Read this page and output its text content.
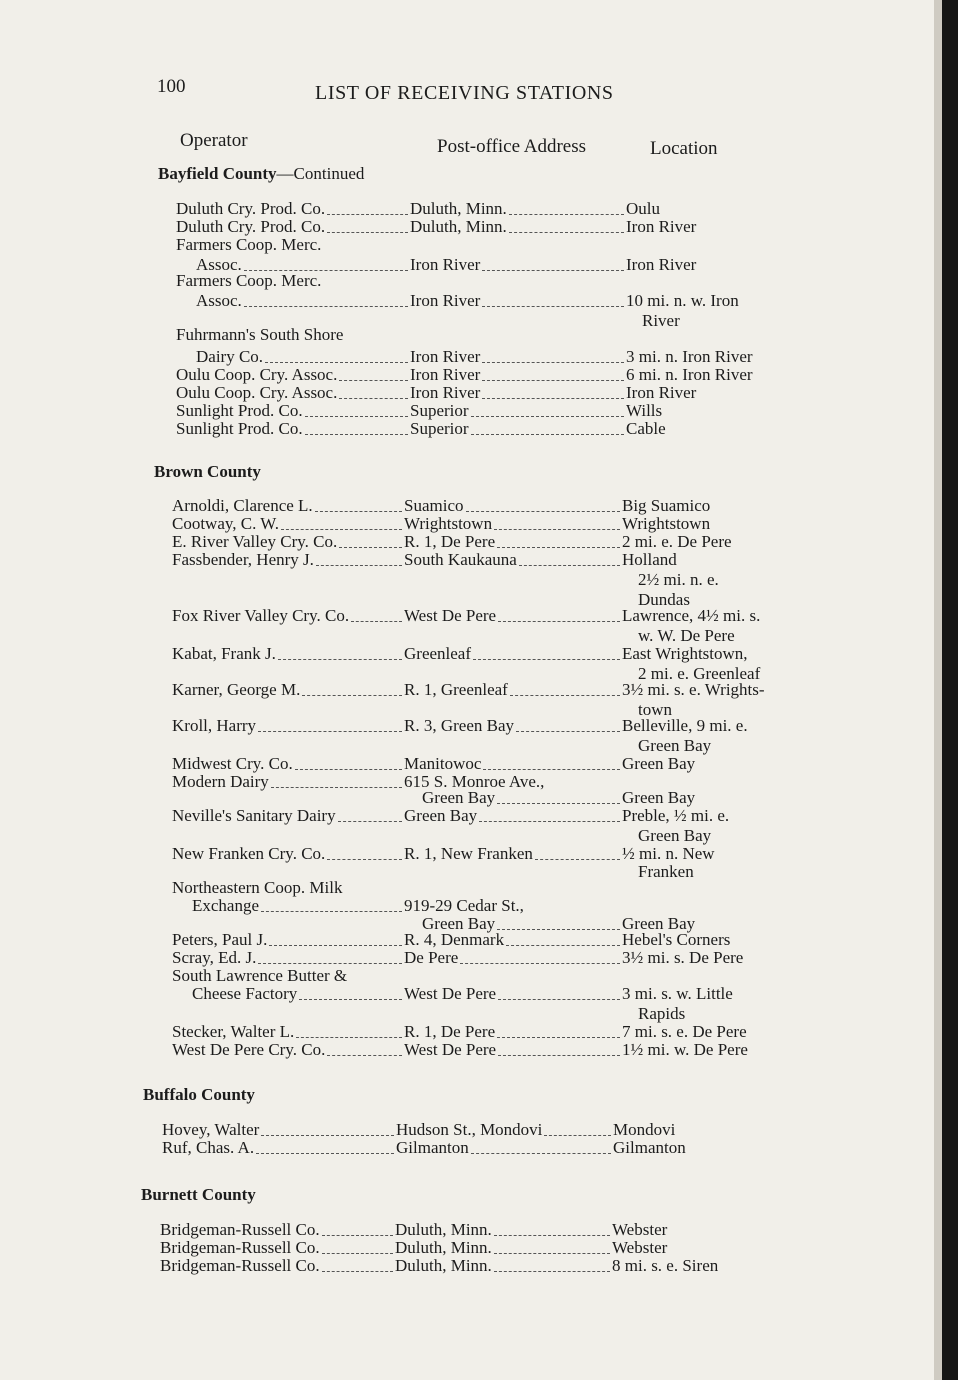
100	LIST OF RECEIVING STATIONS
Operator	Post-office Address	Location
Bayfield County—Continued
Duluth Cry. Prod. Co.	Duluth, Minn.	Oulu
Duluth Cry. Prod. Co.	Duluth, Minn.	Iron River
Farmers Coop. Merc.
Assoc.	Iron River	Iron River
Farmers Coop. Merc.
Assoc.	Iron River	10 mi. n. w. Iron
River
Fuhrmann's South Shore
Dairy Co.	Iron River	3 mi. n. Iron River
Oulu Coop. Cry. Assoc.	Iron River	6 mi. n. Iron River
Oulu Coop. Cry. Assoc.	Iron River	Iron River
Sunlight Prod. Co.	Superior	Wills
Sunlight Prod. Co.	Superior	Cable
Brown County
Arnoldi, Clarence L.	Suamico	Big Suamico
Cootway, C. W.	Wrightstown	Wrightstown
E. River Valley Cry. Co.	R. 1, De Pere	2 mi. e. De Pere
Fassbender, Henry J.	South Kaukauna	Holland
2½ mi. n. e.
Dundas
Fox River Valley Cry. Co.	West De Pere	Lawrence, 4½ mi. s.
w. W. De Pere
Kabat, Frank J.	Greenleaf	East Wrightstown,
2 mi. e. Greenleaf
Karner, George M.	R. 1, Greenleaf	3½ mi. s. e. Wrights-
town
Kroll, Harry	R. 3, Green Bay	Belleville, 9 mi. e.
Green Bay
Midwest Cry. Co.	Manitowoc	Green Bay
Modern Dairy	615 S. Monroe Ave.,
Green Bay	Green Bay
Neville's Sanitary Dairy	Green Bay	Preble, ½ mi. e.
Green Bay
New Franken Cry. Co.	R. 1, New Franken	½ mi. n. New
Franken
Northeastern Coop. Milk
Exchange	919-29 Cedar St.,
Green Bay	Green Bay
Peters, Paul J.	R. 4, Denmark	Hebel's Corners
Scray, Ed. J.	De Pere	3½ mi. s. De Pere
South Lawrence Butter &
Cheese Factory	West De Pere	3 mi. s. w. Little
Rapids
Stecker, Walter L.	R. 1, De Pere	7 mi. s. e. De Pere
West De Pere Cry. Co.	West De Pere	1½ mi. w. De Pere
Buffalo County
Hovey, Walter	Hudson St., Mondovi	Mondovi
Ruf, Chas. A.	Gilmanton	Gilmanton
Burnett County
Bridgeman-Russell Co.	Duluth, Minn.	Webster
Bridgeman-Russell Co.	Duluth, Minn.	Webster
Bridgeman-Russell Co.	Duluth, Minn.	8 mi. s. e. Siren
